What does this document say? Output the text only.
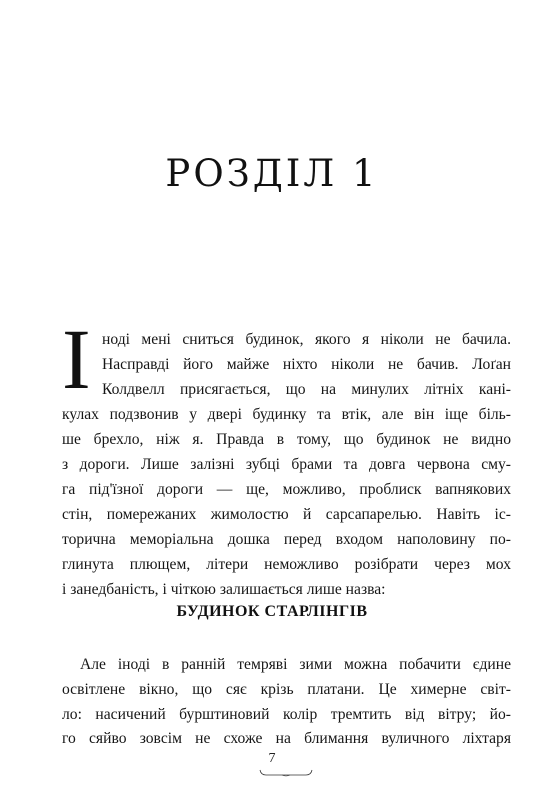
РОЗДІЛ 1
І ноді мені сниться будинок, якого я ніколи не бачила.
Насправді його майже ніхто ніколи не бачив. Лоґан
Колдвелл присягається, що на минулих літніх кані-
кулах подзвонив у двері будинку та втік, але він іще біль-
ше брехло, ніж я. Правда в тому, що будинок не видно
з дороги. Лише залізні зубці брами та довга червона сму-
га під'їзної дороги — ще, можливо, проблиск вапнякових
стін, помережаних жимолостю й сарсапарелью. Навіть іс-
торична меморіальна дошка перед входом наполовину по-
глинута плющем, літери неможливо розібрати через мох
і занедбаність, і чіткою залишається лише назва:
БУДИНОК СТАРЛІНГІВ
Але іноді в ранній темряві зими можна побачити єдине
освітлене вікно, що сяє крізь платани. Це химерне світ-
ло: насичений бурштиновий колір тремтить від вітру; йо-
го сяйво зовсім не схоже на блимання вуличного ліхтаря
7
